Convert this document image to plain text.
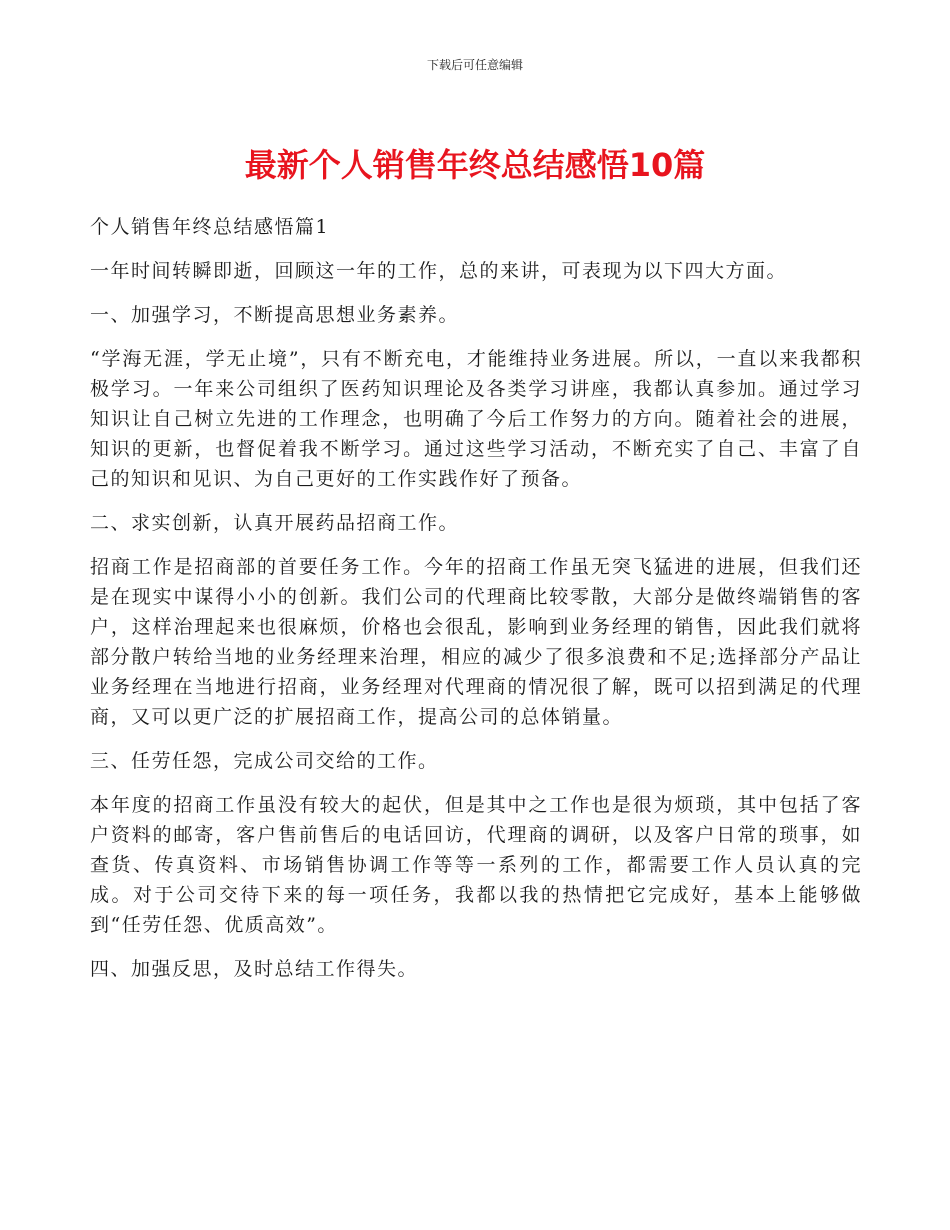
下载后可任意编辑
最新个人销售年终总结感悟10篇

个人销售年终总结感悟篇1

一年时间转瞬即逝，回顾这一年的工作，总的来讲，可表现为以下四大方面。

一、加强学习，不断提高思想业务素养。

“学海无涯，学无止境”，只有不断充电，才能维持业务进展。所以，一直以来我都积极学习。一年来公司组织了医药知识理论及各类学习讲座，我都认真参加。通过学习知识让自己树立先进的工作理念，也明确了今后工作努力的方向。随着社会的进展，知识的更新，也督促着我不断学习。通过这些学习活动，不断充实了自己、丰富了自己的知识和见识、为自己更好的工作实践作好了预备。

二、求实创新，认真开展药品招商工作。

招商工作是招商部的首要任务工作。今年的招商工作虽无突飞猛进的进展，但我们还是在现实中谋得小小的创新。我们公司的代理商比较零散，大部分是做终端销售的客户，这样治理起来也很麻烦，价格也会很乱，影响到业务经理的销售，因此我们就将部分散户转给当地的业务经理来治理，相应的减少了很多浪费和不足;选择部分产品让业务经理在当地进行招商，业务经理对代理商的情况很了解，既可以招到满足的代理商，又可以更广泛的扩展招商工作，提高公司的总体销量。

三、任劳任怨，完成公司交给的工作。

本年度的招商工作虽没有较大的起伏，但是其中之工作也是很为烦琐，其中包括了客户资料的邮寄，客户售前售后的电话回访，代理商的调研，以及客户日常的琐事，如查货、传真资料、市场销售协调工作等等一系列的工作，都需要工作人员认真的完成。对于公司交待下来的每一项任务，我都以我的热情把它完成好，基本上能够做到“任劳任怨、优质高效”。

四、加强反思，及时总结工作得失。
